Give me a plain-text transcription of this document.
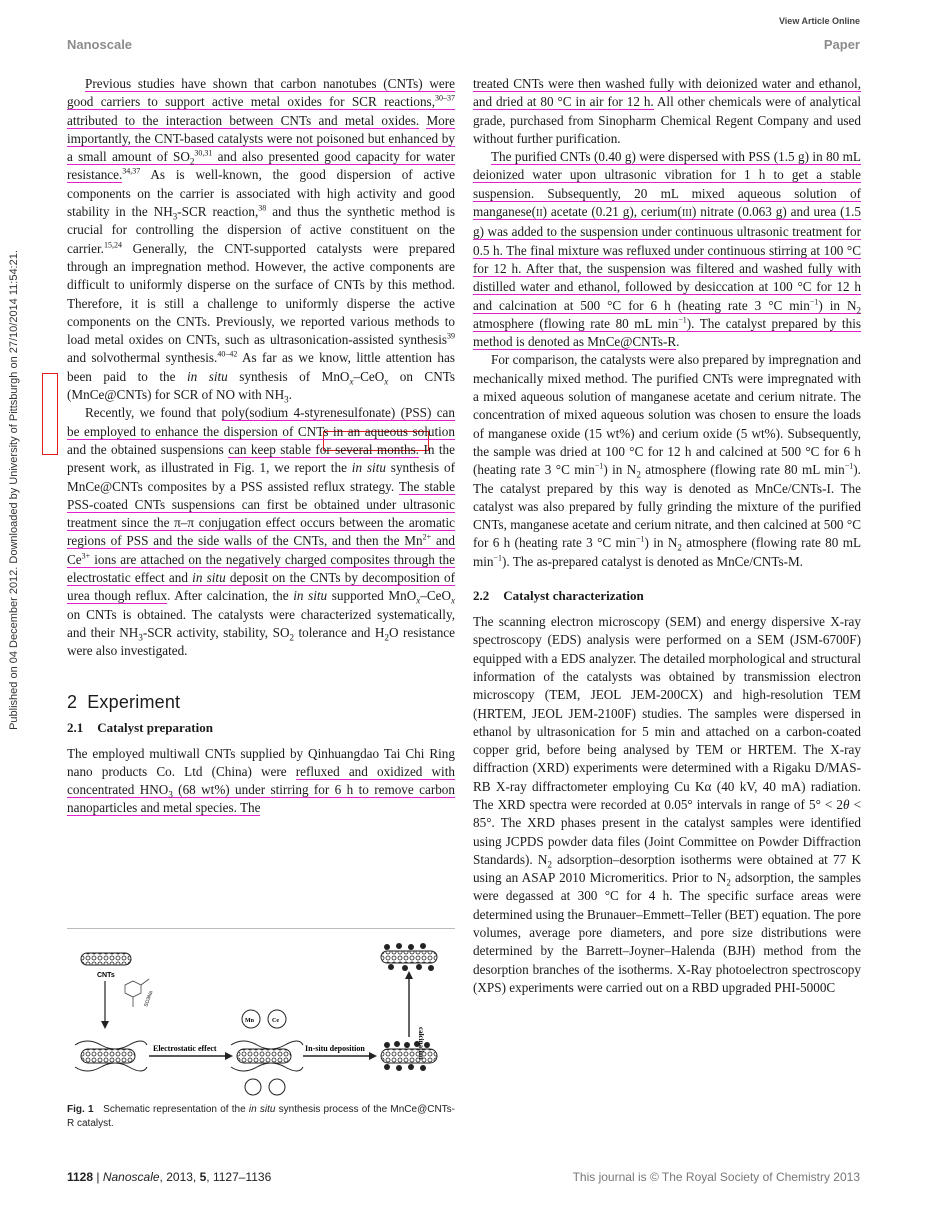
View Article Online
Nanoscale	Paper
Published on 04 December 2012. Downloaded by University of Pittsburgh on 27/10/2014 11:54:21.

Previous studies have shown that carbon nanotubes (CNTs) were good carriers to support active metal oxides for SCR reactions,$^{30-37}$ attributed to the interaction between CNTs and metal oxides. More importantly, the CNT-based catalysts were not poisoned but enhanced by a small amount of $SO_2^{30,31}$ and also presented good capacity for water resistance.$^{34,37}$ As is well-known, the good dispersion of active components on the carrier is associated with high activity and good stability in the $NH_3$-SCR reaction,$^{38}$ and thus the synthetic method is crucial for controlling the dispersion of active constituent on the carrier.$^{15,24}$ Generally, the CNT-supported catalysts were prepared through an impregnation method. However, the active components are difficult to uniformly disperse on the surface of CNTs by this method. Therefore, it is still a challenge to uniformly disperse the active components on the CNTs. Previously, we reported various methods to load metal oxides on CNTs, such as ultrasonication-assisted synthesis$^{39}$ and solvothermal synthesis.$^{40-42}$ As far as we know, little attention has been paid to the in situ synthesis of MnO$_x$–CeO$_x$ on CNTs (MnCe@CNTs) for SCR of NO with $NH_3$.

Recently, we found that poly(sodium 4-styrenesulfonate) (PSS) can be employed to enhance the dispersion of CNTs in an aqueous solution and the obtained suspensions can keep stable for several months. In the present work, as illustrated in Fig. 1, we report the in situ synthesis of MnCe@CNTs composites by a PSS assisted reflux strategy. The stable PSS-coated CNTs suspensions can first be obtained under ultrasonic treatment since the π–π conjugation effect occurs between the aromatic regions of PSS and the side walls of the CNTs, and then the $Mn^{2+}$ and $Ce^{3+}$ ions are attached on the negatively charged composites through the electrostatic effect and in situ deposit on the CNTs by decomposition of urea though reflux. After calcination, the in situ supported MnO$_x$–CeO$_x$ on CNTs is obtained. The catalysts were characterized systematically, and their $NH_3$-SCR activity, stability, $SO_2$ tolerance and $H_2O$ resistance were also investigated.

2 Experiment
2.1 Catalyst preparation

The employed multiwall CNTs supplied by Qinhuangdao Tai Chi Ring nano products Co. Ltd (China) were refluxed and oxidized with concentrated $HNO_3$ (68 wt%) under stirring for 6 h to remove carbon nanoparticles and metal species. The

treated CNTs were then washed fully with deionized water and ethanol, and dried at 80 °C in air for 12 h. All other chemicals were of analytical grade, purchased from Sinopharm Chemical Regent Company and used without further purification.

The purified CNTs (0.40 g) were dispersed with PSS (1.5 g) in 80 mL deionized water upon ultrasonic vibration for 1 h to get a stable suspension. Subsequently, 20 mL mixed aqueous solution of manganese(II) acetate (0.21 g), cerium(III) nitrate (0.063 g) and urea (1.5 g) was added to the suspension under continuous ultrasonic treatment for 0.5 h. The final mixture was refluxed under continuous stirring at 100 °C for 12 h. After that, the suspension was filtered and washed fully with distilled water and ethanol, followed by desiccation at 100 °C for 12 h and calcination at 500 °C for 6 h (heating rate 3 °C $\min^{-1}$) in $N_2$ atmosphere (flowing rate 80 mL $\min^{-1}$). The catalyst prepared by this method is denoted as MnCe@CNTs-R.

For comparison, the catalysts were also prepared by impregnation and mechanically mixed method. The purified CNTs were impregnated with a mixed aqueous solution of manganese acetate and cerium nitrate. The concentration of mixed aqueous solution was chosen to ensure the loads of manganese oxide (15 wt%) and cerium oxide (5 wt%). Subsequently, the sample was dried at 100 °C for 12 h and calcined at 500 °C for 6 h (heating rate 3 °C $\min^{-1}$) in $N_2$ atmosphere (flowing rate 80 mL $\min^{-1}$). The catalyst prepared by this way is denoted as MnCe/CNTs-I. The catalyst was also prepared by fully grinding the mixture of the purified CNTs, manganese acetate and cerium nitrate, and then calcined at 500 °C for 6 h (heating rate 3 °C $\min^{-1}$) in $N_2$ atmosphere (flowing rate 80 mL $\min^{-1}$). The as-prepared catalyst is denoted as MnCe/CNTs-M.

2.2 Catalyst characterization

The scanning electron microscopy (SEM) and energy dispersive X-ray spectroscopy (EDS) analysis were performed on a SEM (JSM-6700F) equipped with a EDS analyzer. The detailed morphological and structural information of the catalysts was obtained by transmission electron microscopy (TEM, JEOL JEM-200CX) and high-resolution TEM (HRTEM, JEOL JEM-2100F) studies. The samples were dispersed in ethanol by ultrasonication for 5 min and attached on a carbon-coated copper grid, before being analysed by TEM or HRTEM. The X-ray diffraction (XRD) experiments were determined with a Rigaku D/MAS-RB X-ray diffractometer employing Cu Kα (40 kV, 40 mA) radiation. The XRD spectra were recorded at 0.05° intervals in range of 5° < 2θ < 85°. The XRD phases present in the catalyst samples were identified using JCPDS powder data files (Joint Committee on Powder Diffraction Standards). $N_2$ adsorption–desorption isotherms were obtained at 77 K using an ASAP 2010 Micromeritics. Prior to $N_2$ adsorption, the samples were degassed at 300 °C for 4 h. The specific surface areas were determined using the Brunauer–Emmett–Teller (BET) equation. The pore volumes, average pore diameters, and pore size distributions were determined by the Barrett–Joyner–Halenda (BJH) method from the desorption branches of the isotherms. X-Ray photoelectron spectroscopy (XPS) experiments were carried out on a RBD upgraded PHI-5000C

CNTs
SO3Na
Electrostatic effect
Mn	Ce
In-situ deposition	calcination
Fig. 1 Schematic representation of the in situ synthesis process of the MnCe@CNTs-R catalyst.
1128 | Nanoscale, 2013, 5, 1127–1136	This journal is © The Royal Society of Chemistry 2013
